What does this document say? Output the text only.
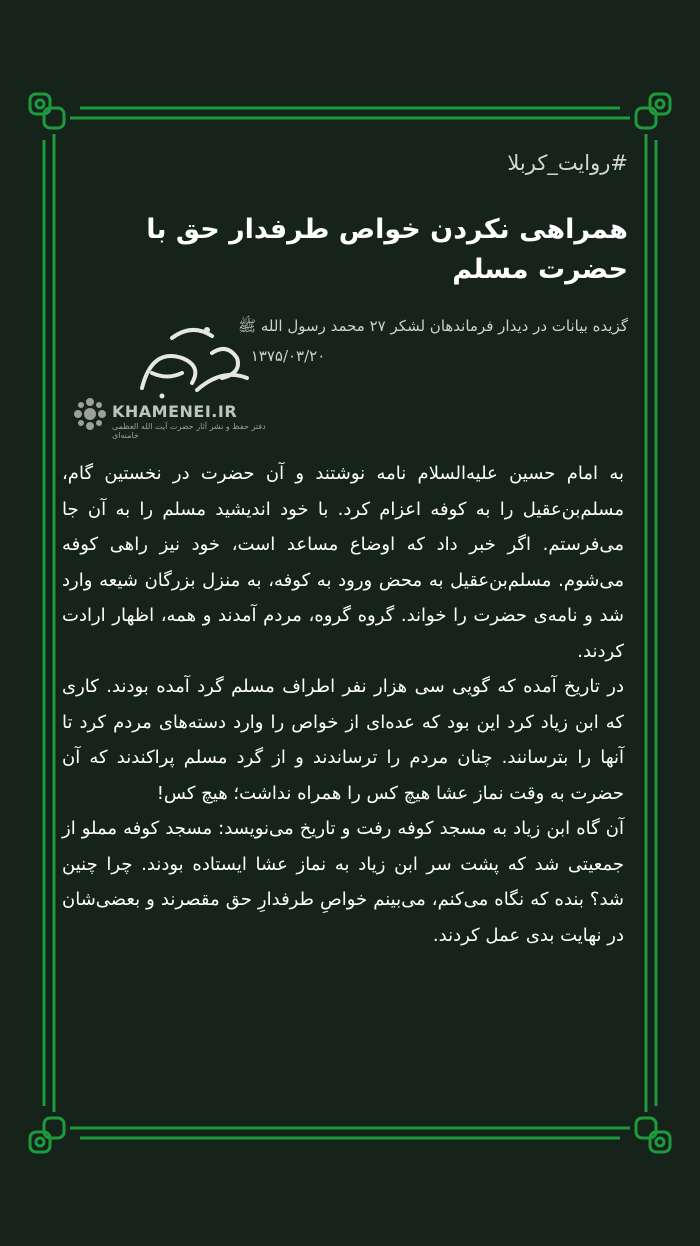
#روایت_کربلا
همراهی نکردن خواص طرفدار حق با حضرت مسلم
گزیده بیانات در دیدار فرماندهان لشکر ۲۷ محمد رسول الله ﷺ
۱۳۷۵/۰۳/۲۰
KHAMENEI.IR
دفتر حفظ و نشر آثار حضرت آیت الله العظمی خامنه‌ای

به امام حسین علیه‌السلام نامه نوشتند و آن حضرت در نخستین گام، مسلم‌بن‌عقیل را به کوفه اعزام کرد. با خود اندیشید مسلم را به آن جا می‌فرستم. اگر خبر داد که اوضاع مساعد است، خود نیز راهی کوفه می‌شوم. مسلم‌بن‌عقیل به محض ورود به کوفه، به منزل بزرگان شیعه وارد شد و نامه‌ی حضرت را خواند. گروه گروه، مردم آمدند و همه، اظهار ارادت کردند.

در تاریخ آمده که گویی سی هزار نفر اطراف مسلم گرد آمده بودند. کاری که ابن زیاد کرد این بود که عده‌ای از خواص را وارد دسته‌های مردم کرد تا آنها را بترسانند. چنان مردم را ترساندند و از گرد مسلم پراکندند که آن حضرت به وقت نماز عشا هیچ کس را همراه نداشت؛ هیچ کس!

آن گاه ابن زیاد به مسجد کوفه رفت و تاریخ می‌نویسد: مسجد کوفه مملو از جمعیتی شد که پشت سر ابن زیاد به نماز عشا ایستاده بودند. چرا چنین شد؟ بنده که نگاه می‌کنم، می‌بینم خواصِ طرفدارِ حق مقصرند و بعضی‌شان در نهایت بدی عمل کردند.
